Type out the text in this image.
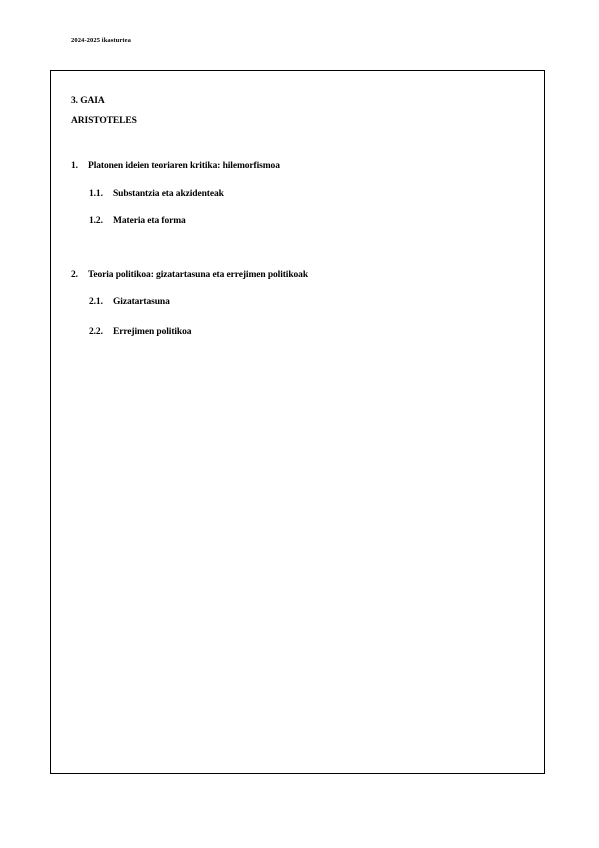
2024-2025 ikasturtea
3. GAIA
ARISTOTELES
1. Platonen ideien teoriaren kritika: hilemorfismoa
1.1. Substantzia eta akzidenteak
1.2. Materia eta forma
2. Teoria politikoa: gizatartasuna eta errejimen politikoak
2.1. Gizatartasuna
2.2. Errejimen politikoa
